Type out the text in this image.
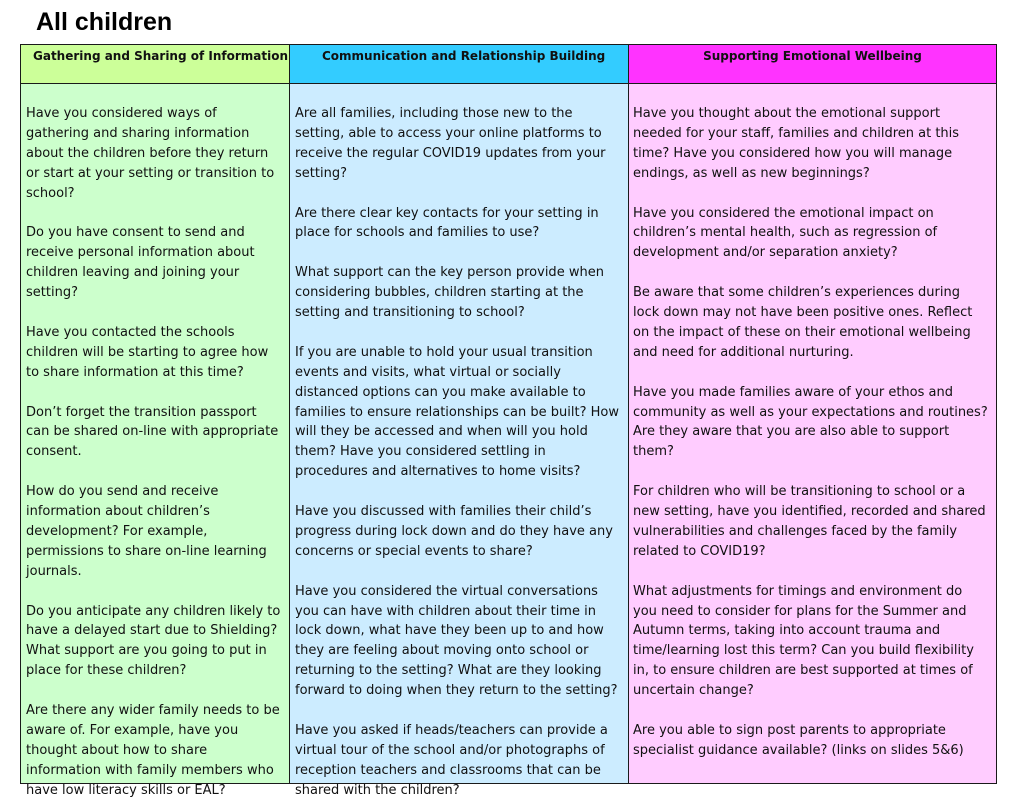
All children
Gathering and Sharing of Information

Have you considered ways of gathering and sharing information about the children before they return or start at your setting or transition to school?

Do you have consent to send and receive personal information about children leaving and joining your setting?

Have you contacted the schools children will be starting to agree how to share information at this time?

Don’t forget the transition passport can be shared on-line with appropriate consent.

How do you send and receive information about children’s development? For example, permissions to share on-line learning journals.

Do you anticipate any children likely to have a delayed start due to Shielding? What support are you going to put in place for these children?

Are there any wider family needs to be aware of. For example, have you thought about how to share information with family members who have low literacy skills or EAL?

Communication and Relationship Building

Are all families, including those new to the setting, able to access your online platforms to receive the regular COVID19 updates from your setting?

Are there clear key contacts for your setting in place for schools and families to use?

What support can the key person provide when considering bubbles, children starting at the setting and transitioning to school?

If you are unable to hold your usual transition events and visits, what virtual or socially distanced options can you make available to families to ensure relationships can be built? How will they be accessed and when will you hold them? Have you considered settling in procedures and alternatives to home visits?

Have you discussed with families their child’s progress during lock down and do they have any concerns or special events to share?

Have you considered the virtual conversations you can have with children about their time in lock down, what have they been up to and how they are feeling about moving onto school or returning to the setting? What are they looking forward to doing when they return to the setting?

Have you asked if heads/teachers can provide a virtual tour of the school and/or photographs of reception teachers and classrooms that can be shared with the children?

Supporting Emotional Wellbeing

Have you thought about the emotional support needed for your staff, families and children at this time? Have you considered how you will manage endings, as well as new beginnings?

Have you considered the emotional impact on children’s mental health, such as regression of development and/or separation anxiety?

Be aware that some children’s experiences during lock down may not have been positive ones. Reflect on the impact of these on their emotional wellbeing and need for additional nurturing.

Have you made families aware of your ethos and community as well as your expectations and routines? Are they aware that you are also able to support them?

For children who will be transitioning to school or a new setting, have you identified, recorded and shared vulnerabilities and challenges faced by the family related to COVID19?

What adjustments for timings and environment do you need to consider for plans for the Summer and Autumn terms, taking into account trauma and time/learning lost this term? Can you build flexibility in, to ensure children are best supported at times of uncertain change?

Are you able to sign post parents to appropriate specialist guidance available? (links on slides 5&6)
